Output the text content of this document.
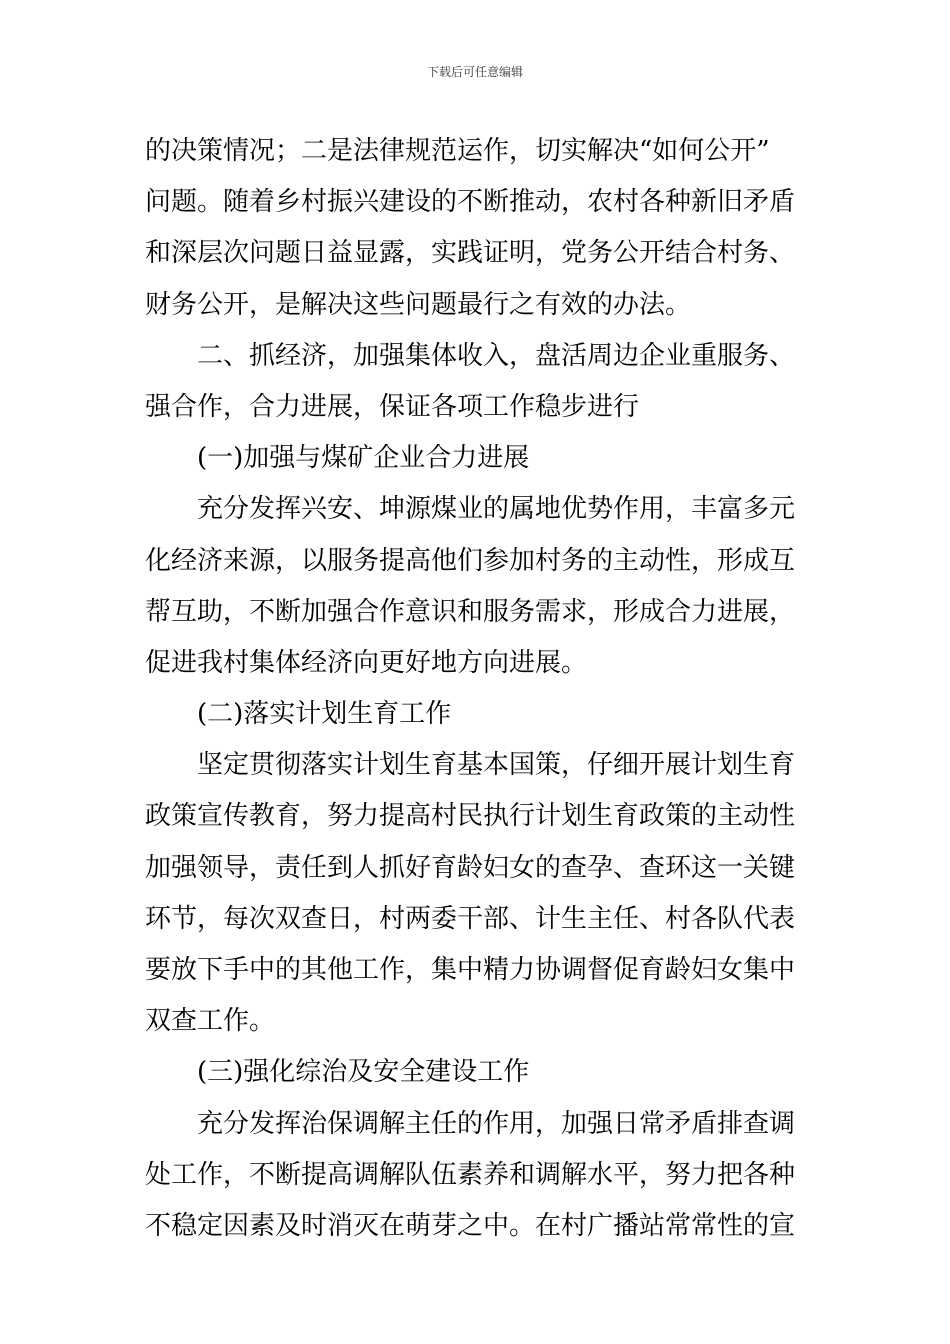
下载后可任意编辑
的决策情况；二是法律规范运作，切实解决“如何公开”
问题。随着乡村振兴建设的不断推动，农村各种新旧矛盾
和深层次问题日益显露，实践证明，党务公开结合村务、
财务公开，是解决这些问题最行之有效的办法。
二、抓经济，加强集体收入，盘活周边企业重服务、
强合作，合力进展，保证各项工作稳步进行
(一)加强与煤矿企业合力进展
充分发挥兴安、坤源煤业的属地优势作用，丰富多元
化经济来源，以服务提高他们参加村务的主动性，形成互
帮互助，不断加强合作意识和服务需求，形成合力进展，
促进我村集体经济向更好地方向进展。
(二)落实计划生育工作
坚定贯彻落实计划生育基本国策，仔细开展计划生育
政策宣传教育，努力提高村民执行计划生育政策的主动性
加强领导，责任到人抓好育龄妇女的查孕、查环这一关键
环节，每次双查日，村两委干部、计生主任、村各队代表
要放下手中的其他工作，集中精力协调督促育龄妇女集中
双查工作。
(三)强化综治及安全建设工作
充分发挥治保调解主任的作用，加强日常矛盾排查调
处工作，不断提高调解队伍素养和调解水平，努力把各种
不稳定因素及时消灭在萌芽之中。在村广播站常常性的宣
